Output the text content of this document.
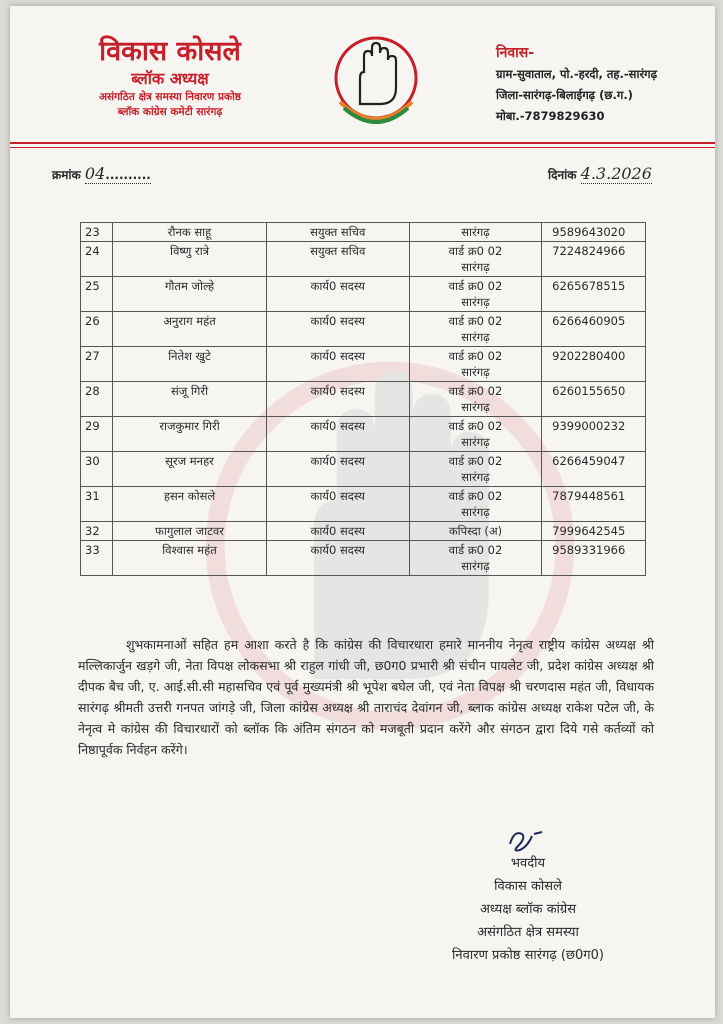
विकास कोसले
ब्लॉक अध्यक्ष
असंगठित क्षेत्र समस्या निवारण प्रकोष्ठ
ब्लॉक कांग्रेस कमेटी सारंगढ़
निवास-
ग्राम-सुवाताल, पो.-हरदी, तह.-सारंगढ़
जिला-सारंगढ़-बिलाईगढ़ (छ.ग.)
मोबा.-7879829630
क्रमांक 04..........	दिनांक 4.3.2026
23	रौनक साहू	सयुक्त सचिव	सारंगढ़	9589643020
24	विष्णु रात्रे	सयुक्त सचिव	वार्ड क्र0 02
सारंगढ़	7224824966
25	गौतम जोल्हे	कार्य0 सदस्य	वार्ड क्र0 02
सारंगढ़	6265678515
26	अनुराग महंत	कार्य0 सदस्य	वार्ड क्र0 02
सारंगढ़	6266460905
27	नितेश खुटे	कार्य0 सदस्य	वार्ड क्र0 02
सारंगढ़	9202280400
28	संजू गिरी	कार्य0 सदस्य	वार्ड क्र0 02
सारंगढ़	6260155650
29	राजकुमार गिरी	कार्य0 सदस्य	वार्ड क्र0 02
सारंगढ़	9399000232
30	सूरज मनहर	कार्य0 सदस्य	वार्ड क्र0 02
सारंगढ़	6266459047
31	हसन कोसले	कार्य0 सदस्य	वार्ड क्र0 02
सारंगढ़	7879448561
32	फागुलाल जाटवर	कार्य0 सदस्य	कपिस्दा (अ)	7999642545
33	विश्वास महंत	कार्य0 सदस्य	वार्ड क्र0 02
सारंगढ़	9589331966
शुभकामनाओं सहित हम आशा करते है कि कांग्रेस की विचारधारा हमारे माननीय नेनृत्व राष्ट्रीय कांग्रेस अध्यक्ष श्री मल्लिकार्जुन खड़गे जी, नेता विपक्ष लोकसभा श्री राहुल गांधी जी, छ0ग0 प्रभारी श्री संचीन पायलेट जी, प्रदेश कांग्रेस अध्यक्ष श्री दीपक बैच जी, ए. आई.सी.सी महासचिव एवं पूर्व मुख्यमंत्री श्री भूपेश बघेल जी, एवं नेता विपक्ष श्री चरणदास महंत जी, विधायक सारंगढ़ श्रीमती उत्तरी गनपत जांगड़े जी, जिला कांग्रेस अध्यक्ष श्री ताराचंद देवांगन जी, ब्लाक कांग्रेस अध्यक्ष राकेश पटेल जी, के नेनृत्व मे कांग्रेस की विचारधारों को ब्लॉक कि अंतिम संगठन को मजबूती प्रदान करेंगे और संगठन द्वारा दिये गसे कर्तव्यों को निष्ठापूर्वक निर्वहन करेंगे।
भवदीय
विकास कोसले
अध्यक्ष ब्लॉक कांग्रेस
असंगठित क्षेत्र समस्या
निवारण प्रकोष्ठ सारंगढ़ (छ0ग0)
